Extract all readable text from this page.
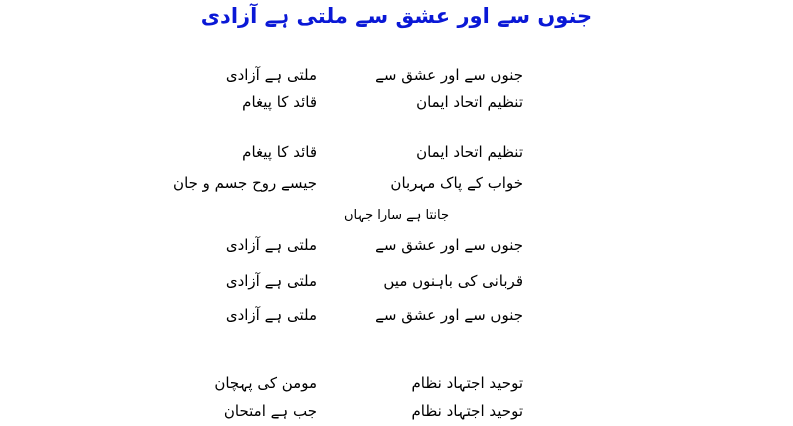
جنوں سے اور عشق سے ملتی ہے آزادی
جنوں سے اور عشق سے
ملتی ہے آزادی
تنظیم اتحاد ایمان
قائد کا پیغام
تنظیم اتحاد ایمان
قائد کا پیغام
خواب کے پاک مہربان
جیسے روح جسم و جان
جانتا ہے سارا جہاں
جنوں سے اور عشق سے
ملتی ہے آزادی
قربانی کی باہنوں میں
ملتی ہے آزادی
جنوں سے اور عشق سے
ملتی ہے آزادی
توحید اجتہاد نظام
مومن کی پہچان
توحید اجتہاد نظام
جب ہے امتحان
